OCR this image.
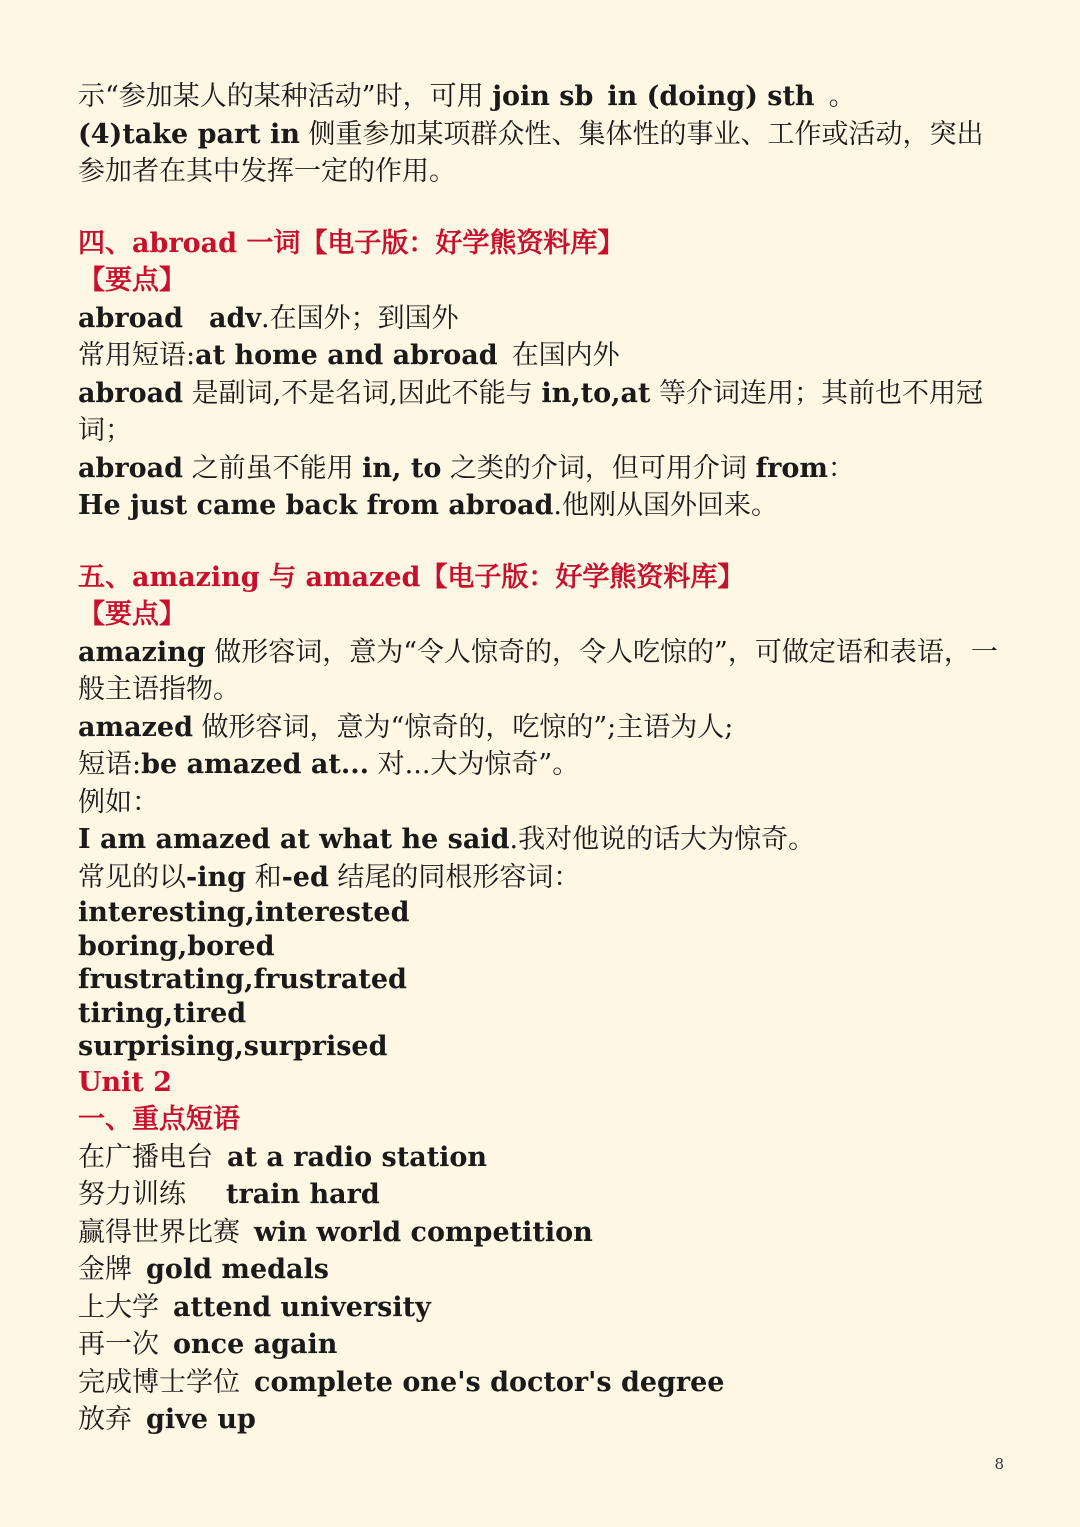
示“参加某人的某种活动”时，可用 join sb in (doing) sth 。
(4)take part in 侧重参加某项群众性、集体性的事业、工作或活动，突出参加者在其中发挥一定的作用。
四、abroad 一词【电子版：好学熊资料库】
【要点】
abroad adv.在国外；到国外
常用短语:at home and abroad 在国内外
abroad 是副词,不是名词,因此不能与 in,to,at 等介词连用；其前也不用冠词；
abroad 之前虽不能用 in, to 之类的介词，但可用介词 from：
He just came back from abroad.他刚从国外回来。
五、amazing 与 amazed【电子版：好学熊资料库】
【要点】
amazing 做形容词，意为“令人惊奇的，令人吃惊的”，可做定语和表语，一般主语指物。
amazed 做形容词，意为“惊奇的，吃惊的”;主语为人;
短语:be amazed at... 对...大为惊奇”。
例如：
I am amazed at what he said.我对他说的话大为惊奇。
常见的以-ing 和-ed 结尾的同根形容词：
interesting,interested
boring,bored
frustrating,frustrated
tiring,tired
surprising,surprised
Unit 2
一、重点短语
在广播电台 at a radio station
努力训练 train hard
赢得世界比赛 win world competition
金牌 gold medals
上大学 attend university
再一次 once again
完成博士学位 complete one's doctor's degree
放弃 give up
8
